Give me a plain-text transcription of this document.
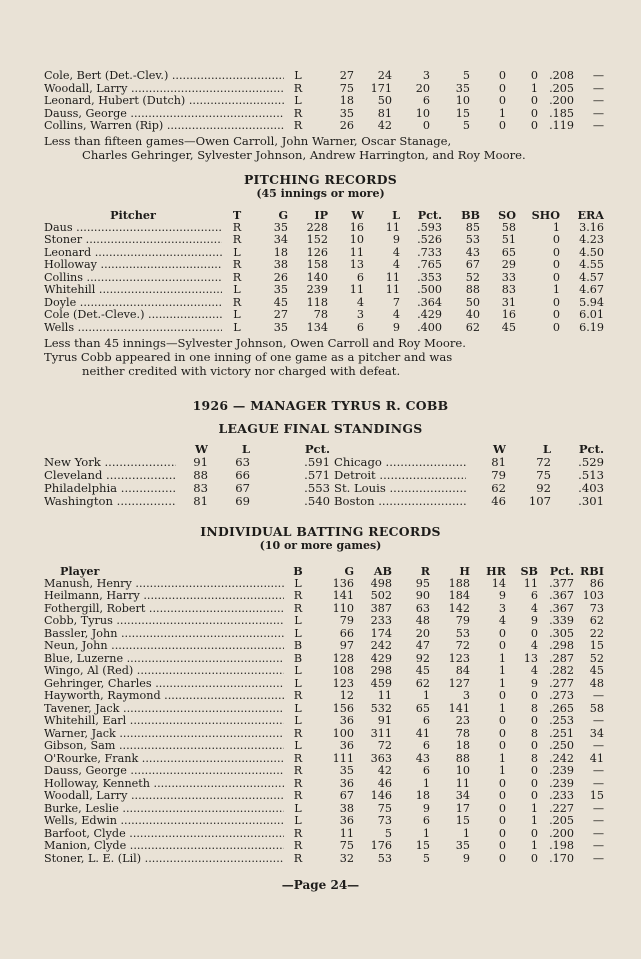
Cole, Bert (Det.-Clev.) .....	L	27	24	3	5	0	0	.208	—
Woodall, Larry .....	R	75	171	20	35	0	1	.205	—
Leonard, Hubert (Dutch) .....	L	18	50	6	10	0	0	.200	—
Dauss, George .....	R	35	81	10	15	1	0	.185	—
Collins, Warren (Rip) .....	R	26	42	0	5	0	0	.119	—
Less than fifteen games—Owen Carroll, John Warner, Oscar Stanage,
Charles Gehringer, Sylvester Johnson, Andrew Harrington, and Roy Moore.
PITCHING RECORDS
(45 innings or more)
Pitcher	T	G	IP	W	L	Pct.	BB	SO	SHO	ERA
Daus .....	R	35	228	16	11	.593	85	58	1	3.16
Stoner .....	R	34	152	10	9	.526	53	51	0	4.23
Leonard .....	L	18	126	11	4	.733	43	65	0	4.50
Holloway .....	R	38	158	13	4	.765	67	29	0	4.55
Collins .....	R	26	140	6	11	.353	52	33	0	4.57
Whitehill .....	L	35	239	11	11	.500	88	83	1	4.67
Doyle .....	R	45	118	4	7	.364	50	31	0	5.94
Cole (Det.-Cleve.) .....	L	27	78	3	4	.429	40	16	0	6.01
Wells .....	L	35	134	6	9	.400	62	45	0	6.19
Less than 45 innings—Sylvester Johnson, Owen Carroll and Roy Moore.
Tyrus Cobb appeared in one inning of one game as a pitcher and was
neither credited with victory nor charged with defeat.
1926 — MANAGER TYRUS R. COBB
LEAGUE FINAL STANDINGS
	W	L	Pct.		W	L	Pct.
New York .....	91	63	.591	Chicago .....	81	72	.529
Cleveland .....	88	66	.571	Detroit .....	79	75	.513
Philadelphia .....	83	67	.553	St. Louis .....	62	92	.403
Washington .....	81	69	.540	Boston .....	46	107	.301
INDIVIDUAL BATTING RECORDS
(10 or more games)
Player	B	G	AB	R	H	HR	SB	Pct.	RBI
Manush, Henry .....	L	136	498	95	188	14	11	.377	86
Heilmann, Harry .....	R	141	502	90	184	9	6	.367	103
Fothergill, Robert .....	R	110	387	63	142	3	4	.367	73
Cobb, Tyrus .....	L	79	233	48	79	4	9	.339	62
Bassler, John .....	L	66	174	20	53	0	0	.305	22
Neun, John .....	B	97	242	47	72	0	4	.298	15
Blue, Luzerne .....	B	128	429	92	123	1	13	.287	52
Wingo, Al (Red) .....	L	108	298	45	84	1	4	.282	45
Gehringer, Charles .....	L	123	459	62	127	1	9	.277	48
Hayworth, Raymond .....	R	12	11	1	3	0	0	.273	—
Tavener, Jack .....	L	156	532	65	141	1	8	.265	58
Whitehill, Earl .....	L	36	91	6	23	0	0	.253	—
Warner, Jack .....	R	100	311	41	78	0	8	.251	34
Gibson, Sam .....	L	36	72	6	18	0	0	.250	—
O'Rourke, Frank .....	R	111	363	43	88	1	8	.242	41
Dauss, George .....	R	35	42	6	10	1	0	.239	—
Holloway, Kenneth .....	R	36	46	1	11	0	0	.239	—
Woodall, Larry .....	R	67	146	18	34	0	0	.233	15
Burke, Leslie .....	L	38	75	9	17	0	1	.227	—
Wells, Edwin .....	L	36	73	6	15	0	1	.205	—
Barfoot, Clyde .....	R	11	5	1	1	0	0	.200	—
Manion, Clyde .....	R	75	176	15	35	0	1	.198	—
Stoner, L. E. (Lil) .....	R	32	53	5	9	0	0	.170	—
—Page 24—
